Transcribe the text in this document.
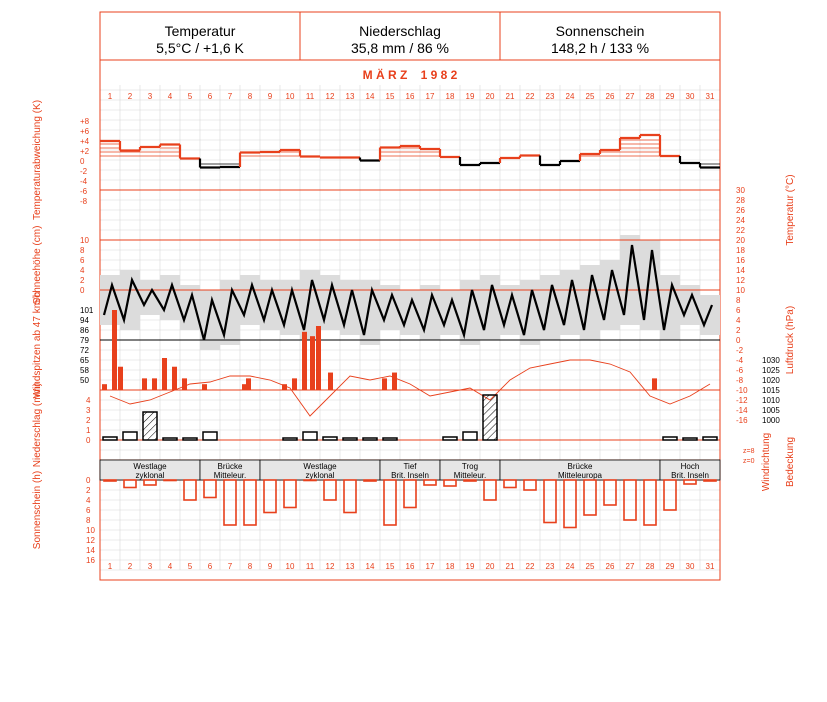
Temperatur
5,5°C / +1,6 K
Niederschlag
35,8 mm / 86 %
Sonnenschein
148,2 h / 133 %
M Ä R Z    1 9 8 2
1 2 3 4 5 6 7 8 9 10 11 12 13 14 15 16 17 18 19 20 21 22 23 24 25 26 27 28 29 30 31
1 2 3 4 5 6 7 8 9 10 11 12 13 14 15 16 17 18 19 20 21 22 23 24 25 26 27 28 29 30 31
Temperaturabweichung (K)
Schneehöhe (cm)
Windspitzen ab 47 km/h
Niederschlag (mm)
Sonnenschein (h)
Temperatur (°C)
Luftdruck (hPa)
Windrichtung Bedeckung
z=8
z=0
+8
+6
+4
+2
0
-2
-4
-6
-8
10
8
6
4
2
0
101
94
86
79
72
65
58
50
4
3
2
1
0
0
2
4
6
8
10
12
14
16
30
28
26
24
22
20
18
16
14
12
10
8
6
4
2
0
-2
-4
-6
-8
-10
-12
-14
-16
1030
1025
1020
1015
1010
1005
1000
Westlage
zyklonal
Brücke
Mitteleur.
Westlage
zyklonal
Tief
Brit. Inseln
Trog
Mitteleur.
Brücke
Mitteleuropa
Hoch
Brit. Inseln
